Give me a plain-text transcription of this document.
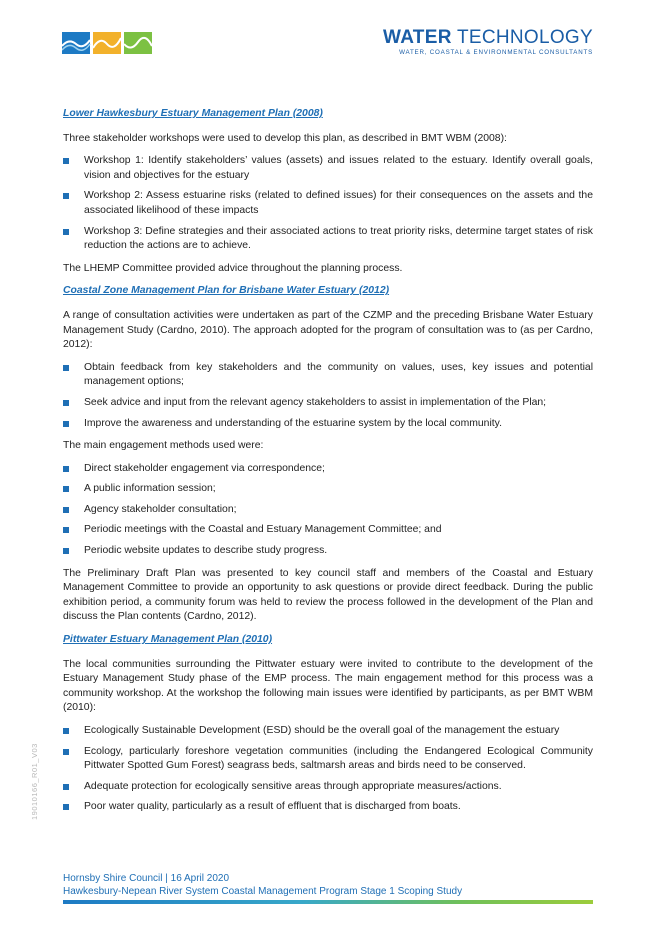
WATER TECHNOLOGY
WATER, COASTAL & ENVIRONMENTAL CONSULTANTS
Lower Hawkesbury Estuary Management Plan (2008)

Three stakeholder workshops were used to develop this plan, as described in BMT WBM (2008):

Workshop 1: Identify stakeholders’ values (assets) and issues related to the estuary. Identify overall goals, vision and objectives for the estuary
Workshop 2: Assess estuarine risks (related to defined issues) for their consequences on the assets and the associated likelihood of these impacts
Workshop 3: Define strategies and their associated actions to treat priority risks, determine target states of risk reduction the actions are to achieve.

The LHEMP Committee provided advice throughout the planning process.

Coastal Zone Management Plan for Brisbane Water Estuary (2012)

A range of consultation activities were undertaken as part of the CZMP and the preceding Brisbane Water Estuary Management Study (Cardno, 2010). The approach adopted for the program of consultation was to (as per Cardno, 2012):

Obtain feedback from key stakeholders and the community on values, uses, key issues and potential management options;
Seek advice and input from the relevant agency stakeholders to assist in implementation of the Plan;
Improve the awareness and understanding of the estuarine system by the local community.

The main engagement methods used were:

Direct stakeholder engagement via correspondence;
A public information session;
Agency stakeholder consultation;
Periodic meetings with the Coastal and Estuary Management Committee; and
Periodic website updates to describe study progress.

The Preliminary Draft Plan was presented to key council staff and members of the Coastal and Estuary Management Committee to provide an opportunity to ask questions or provide direct feedback. During the public exhibition period, a community forum was held to review the process followed in the development of the Plan and discuss the Plan contents (Cardno, 2012).

Pittwater Estuary Management Plan (2010)

The local communities surrounding the Pittwater estuary were invited to contribute to the development of the Estuary Management Study phase of the EMP process. The main engagement method for this process was a community workshop. At the workshop the following main issues were identified by participants, as per BMT WBM (2010):

Ecologically Sustainable Development (ESD) should be the overall goal of the management the estuary
Ecology, particularly foreshore vegetation communities (including the Endangered Ecological Community Pittwater Spotted Gum Forest) seagrass beds, saltmarsh areas and birds need to be conserved.
Adequate protection for ecologically sensitive areas through appropriate measures/actions.
Poor water quality, particularly as a result of effluent that is discharged from boats.
19010166_R01_V03
Hornsby Shire Council | 16 April 2020
Hawkesbury-Nepean River System Coastal Management Program Stage 1 Scoping Study
